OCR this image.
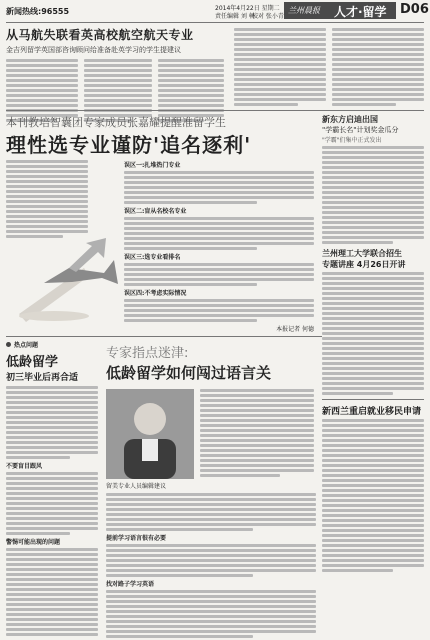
新闻热线:96555	2014年4月22日 星期二
责任编辑 刘 畅
校对 张小青
兰州晨报 人才·留学 D06
从马航失联看英高校航空航天专业
金吉列留学英国部咨询顾问给准备赴英学习的学生提建议
本刊教培智囊团专家成员张嘉耀提醒准留学生
理性选专业谨防'追名逐利'
误区一:扎堆热门专业
误区二:盲从名校名专业
误区三:选专业看排名
误区四:不考虑实际情况
本报记者 何德
新东方启迪出国
"学霸长名"计划奖金瓜分
"学霸"们集中正式发出
兰州理工大学联合招生
专题讲座 4月26日开讲
新西兰重启就业移民申请
热点问题
低龄留学
初三毕业后再合适
不要盲目跟风
警惕可能出现的问题
专家指点迷津:
低龄留学如何闯过语言关
留美专业人员编辑建议
提前学习语言很有必要
找对路子学习英语
